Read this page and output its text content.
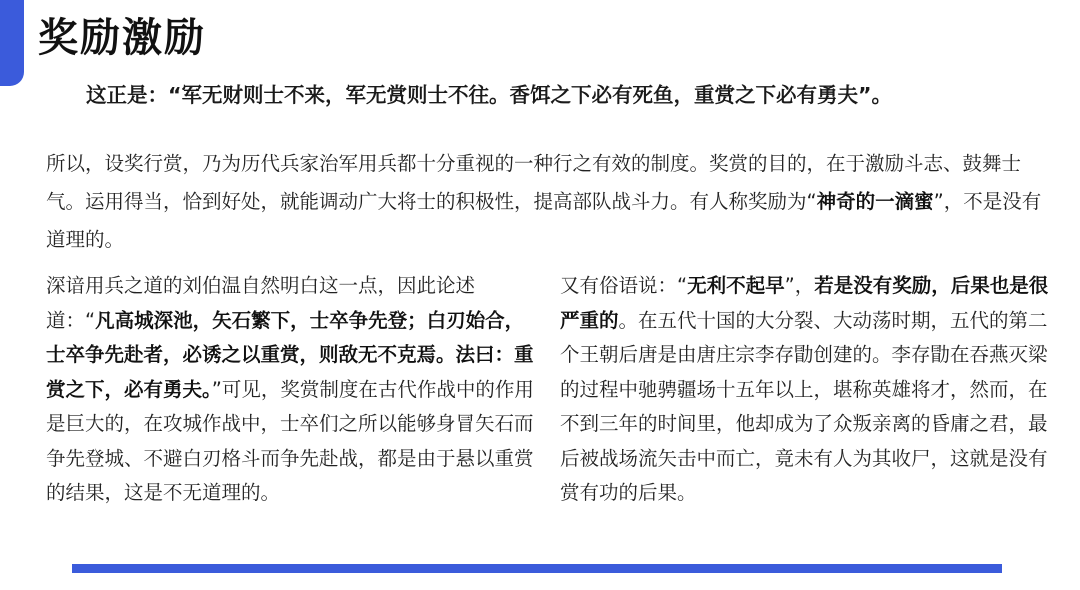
奖励激励

这正是：“军无财则士不来，军无赏则士不往。香饵之下必有死鱼，重赏之下必有勇夫”。

所以，设奖行赏，乃为历代兵家治军用兵都十分重视的一种行之有效的制度。奖赏的目的，在于激励斗志、鼓舞士气。运用得当，恰到好处，就能调动广大将士的积极性，提高部队战斗力。有人称奖励为“神奇的一滴蜜”，不是没有道理的。

深谙用兵之道的刘伯温自然明白这一点，因此论述道：“凡高城深池，矢石繁下，士卒争先登；白刃始合，士卒争先赴者，必诱之以重赏，则敌无不克焉。法曰：重赏之下，必有勇夫。”可见，奖赏制度在古代作战中的作用是巨大的，在攻城作战中，士卒们之所以能够身冒矢石而争先登城、不避白刃格斗而争先赴战，都是由于悬以重赏的结果，这是不无道理的。

又有俗语说：“无利不起早”，若是没有奖励，后果也是很严重的。在五代十国的大分裂、大动荡时期，五代的第二个王朝后唐是由唐庄宗李存勖创建的。李存勖在吞燕灭梁的过程中驰骋疆场十五年以上，堪称英雄将才，然而，在不到三年的时间里，他却成为了众叛亲离的昏庸之君，最后被战场流矢击中而亡，竟未有人为其收尸，这就是没有赏有功的后果。
